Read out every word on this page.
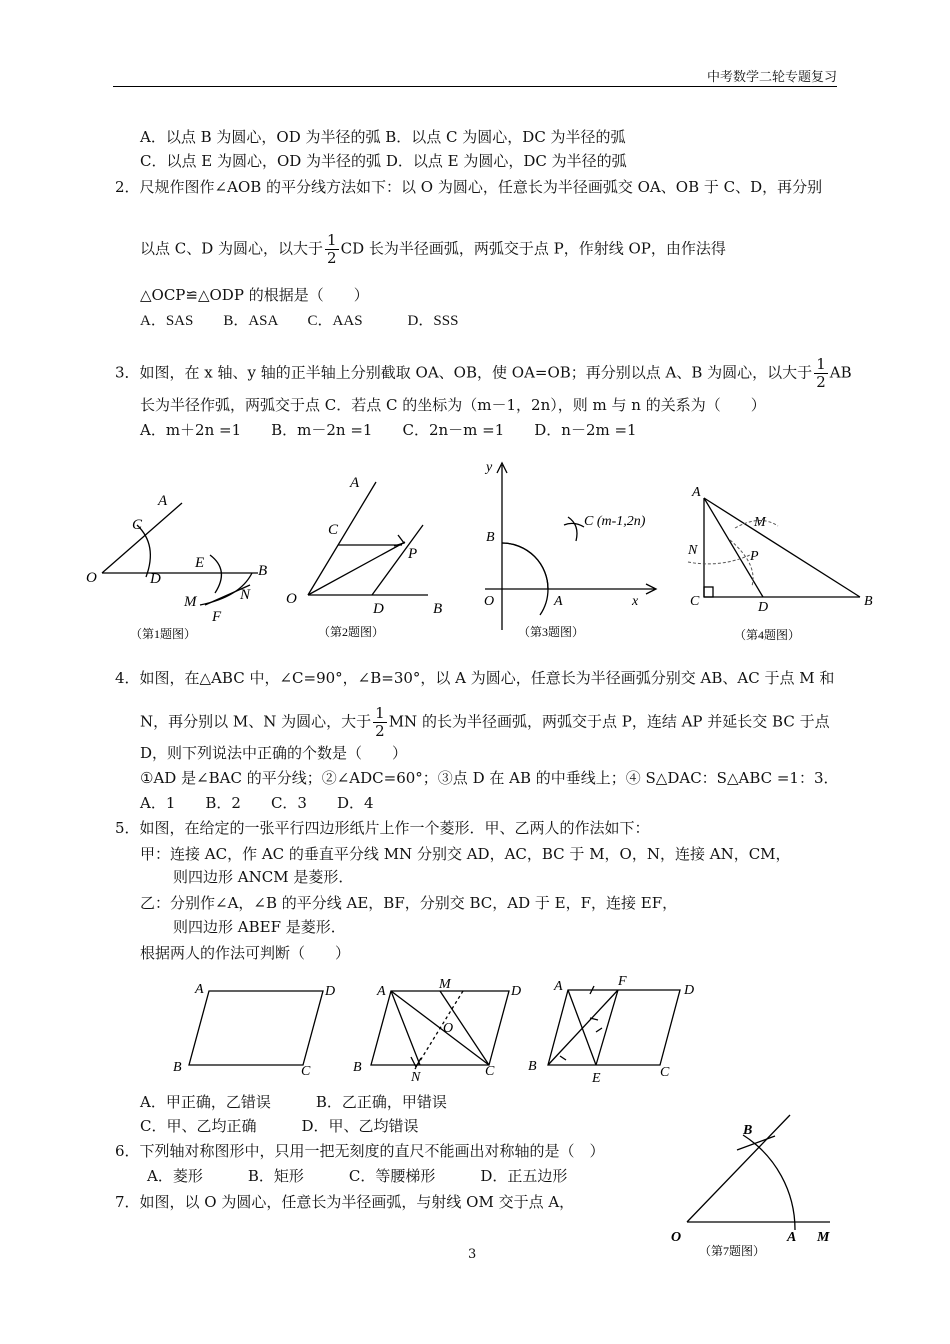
中考数学二轮专题复习
A．以点 B 为圆心，OD 为半径的弧 B．以点 C 为圆心，DC 为半径的弧
C．以点 E 为圆心，OD 为半径的弧 D．以点 E 为圆心，DC 为半径的弧
2．尺规作图作∠AOB 的平分线方法如下：以 O 为圆心，任意长为半径画弧交 OA、OB 于 C、D，再分别
以点 C、D 为圆心，以大于 $\frac{1}{2}$ CD 长为半径画弧，两弧交于点 P，作射线 OP，由作法得
△OCP≌△ODP 的根据是（　　）
A．SAS　　B．ASA　　C．AAS　　　D．SSS
3．如图，在 x 轴、y 轴的正半轴上分别截取 OA、OB，使 OA=OB；再分别以点 A、B 为圆心，以大于 $\frac{1}{2}$ AB
长为半径作弧，两弧交于点 C．若点 C 的坐标为（m－1，2n），则 m 与 n 的关系为（　　）
A．m＋2n =1　　B．m－2n =1　　C．2n－m =1　　D．n－2m =1
A
C
O	D
E	B
M	N
F
（第1题图）
A
C
P
O
D	B
（第2题图）
y
B
C (m-1,2n)
O	A	x
（第3题图）
A
M
N	P
C	D	B
（第4题图）
4．如图，在△ABC 中，∠C=90°，∠B=30°，以 A 为圆心，任意长为半径画弧分别交 AB、AC 于点 M 和
N，再分别以 M、N 为圆心，大于 $\frac{1}{2}$ MN 的长为半径画弧，两弧交于点 P，连结 AP 并延长交 BC 于点
D，则下列说法中正确的个数是（　　）
①AD 是∠BAC 的平分线；②∠ADC=60°；③点 D 在 AB 的中垂线上；④ S△DAC：S△ABC =1：3．
A．1　　B．2　　C．3　　D．4
5．如图，在给定的一张平行四边形纸片上作一个菱形．甲、乙两人的作法如下：
甲：连接 AC，作 AC 的垂直平分线 MN 分别交 AD，AC，BC 于 M，O，N，连接 AN，CM，
则四边形 ANCM 是菱形．
乙：分别作∠A，∠B 的平分线 AE，BF，分别交 BC，AD 于 E，F，连接 EF，
则四边形 ABEF 是菱形．
根据两人的作法可判断（　　）
A	D
B	C
A	M	D
O
B
N	C
A	F
D
B
E	C
A．甲正确，乙错误　　　B．乙正确，甲错误
C．甲、乙均正确　　　D．甲、乙均错误
6．下列轴对称图形中，只用一把无刻度的直尺不能画出对称轴的是（　）
A．菱形　　　B．矩形　　　C．等腰梯形　　　D．正五边形
7．如图，以 O 为圆心，任意长为半径画弧，与射线 OM 交于点 A，
B
O	A M
（第7题图）
3
